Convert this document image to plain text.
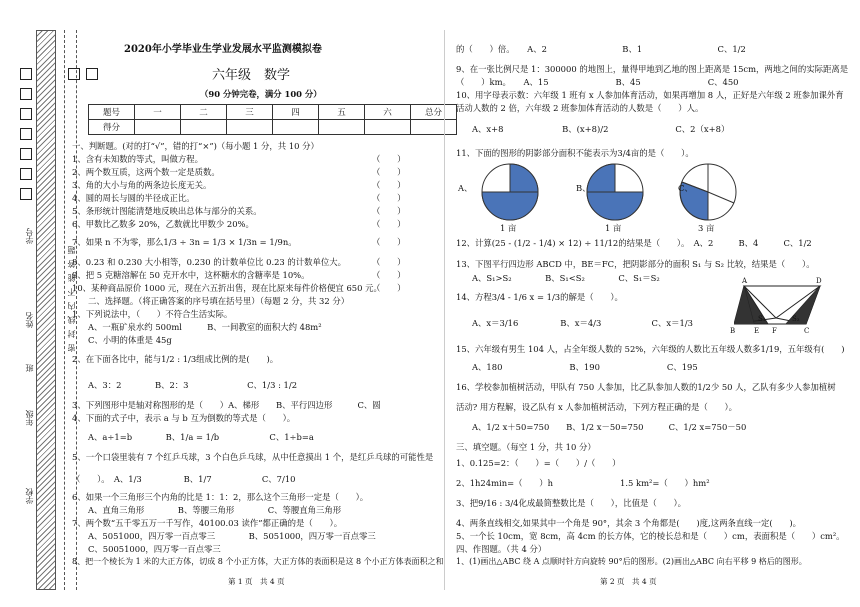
密封线内不能答题
学号
姓名
班
年级
学校
2020年小学毕业生学业发展水平监测模拟卷
六年级　数学
（90 分钟完卷，满分 100 分）
题号	一	二	三	四	五	六	总分
得分							
一、判断题。(对的打“√”，错的打“×”)（每小题 1 分，共 10 分）
1、含有未知数的等式，叫做方程。
2、两个数互质，这两个数一定是质数。
3、角的大小与角的两条边长度无关。
4、圆的周长与圆的半径成正比。
5、条形统计图能清楚地反映出总体与部分的关系。
6、甲数比乙数多 20%，乙数就比甲数少 20%。
7、如果 n 不为零，那么1/3 ÷ 3n = 1/3 × 1/3n = 1/9n。
8、0.23 和 0.230 大小相等，0.230 的计数单位比 0.23 的计数单位大。
9、把 5 克糖溶解在 50 克开水中，这杯糖水的含糖率是 10%。
10、某种商品原价 1000 元，现在六五折出售，现在比原来每件价格便宜 650 元。
二、选择题。（将正确答案的序号填在括号里）（每题 2 分，共 32 分）
1、下列说法中，（　　）不符合生活实际。
A、一瓶矿泉水约 500ml　　　B、一间教室的面积大约 48m²
C、小明的体重是 45g
2、在下面各比中，能与1/2 : 1/3组成比例的是(　　)。
A、3：2　　　　B、2：3　　　　　　　C、1/3 : 1/2
3、下列图形中是轴对称图形的是（　　）A、梯形　　B、平行四边形　　　C、圆
4、下面的式子中，表示 a 与 b 互为倒数的等式是（　　）。
A、a÷1=b　　　　B、1/a = 1/b　　　　　　C、1÷b=a
5、一个口袋里装有 7 个红乒乓球，3 个白色乒乓球，从中任意摸出 1 个，是红乒乓球的可能性是
（　　）。　A、1/3　　　　　B、1/7　　　　　　C、7/10
6、如果一个三角形三个内角的比是 1：1：2，那么这个三角形一定是（　　）。
A、直角三角形　　　　B、等腰三角形　　　　C、等腰直角三角形
7、两个数“五千零五万一千写作，40100.03 读作”都正确的是（　　）。
A、5051000，四万零一百点零三　　　　B、5051000，四万零一百点零三
C、50051000，四万零一百点零三
8、把一个棱长为 1 米的大正方体，切成 8 个小正方体，大正方体的表面积是这 8 个小正方体表面积之和
（　　）
（　　）
（　　）
（　　）
（　　）
（　　）
（　　）
（　　）
（　　）
（　　）
的（　　）倍。　　A、2　　　　　　　　　B、1　　　　　　　　　C、1/2
9、在一张比例尺是 1：300000 的地图上，量得甲地到乙地的图上距离是 15cm，两地之间的实际距离是
（　　）km。　　A、15　　　　　　　　B、45　　　　　　　　C、450
10、用字母表示数：六年级 1 班有 x 人参加体育活动，如果再增加 8 人，正好是六年级 2 班参加课外育
活动人数的 2 倍，六年级 2 班参加体育活动的人数是（　　）人。
A、x+8　　　　　　　B、(x+8)/2　　　　　　　　C、2（x+8）
11、下面的图形的阴影部分面积不能表示为3/4亩的是（　　）。
A、	B、	C、
1 亩	1 亩	3 亩
12、计算(25 - (1/2 - 1/4) × 12) ÷ 11/12的结果是（　　）。　A、2　　　B、4　　　C、1/2
13、下图平行四边形 ABCD 中，BE＝FC，把阴影部分的面积 S₁ 与 S₂ 比较，结果是（　　）。
A、S₁>S₂　　　　B、S₁<S₂　　　　C、S₁＝S₂
14、方程3/4 - 1/6 x = 1/3的解是（　　）。
A、x＝3/16　　　　　B、x＝4/3　　　　　　C、x＝1/3
A	D
B	E F	C
S₁	S₂
15、六年级有男生 104 人，占全年级人数的 52%，六年级的人数比五年级人数多1/19，五年级有(　　)
A、180　　　　　　　　B、190　　　　　　　　C、195
16、学校参加植树活动，甲队有 750 人参加，比乙队参加人数的1/2少 50 人，乙队有多少人参加植树
活动? 用方程解，设乙队有 x 人参加植树活动，下列方程正确的是（　　）。
A、1/2 x＋50=750　　B、1/2 x－50=750　　　C、1/2 x=750－50
三、填空题。（每空 1 分，共 10 分）
1、0.125=2：（　　）=（　　）/（　　）
2、1h24min=（　　）h　　　　　　　　1.5 km²=（　　）hm²
3、把9/16 : 3/4化成最简整数比是（　　），比值是（　　）。
4、两条直线相交,如果其中一个角是 90°，其余 3 个角都是(　　)度,这两条直线一定(　　)。
5、一个长 10cm，宽 8cm，高 4cm 的长方体，它的棱长总和是（　　）cm，表面积是（　　）cm²。
四、作图题。（共 4 分）
1、(1)画出△ABC 绕 A 点顺时针方向旋转 90°后的图形。(2)画出△ABC 向右平移 9 格后的图形。
第 1 页　共 4 页	第 2 页　共 4 页
